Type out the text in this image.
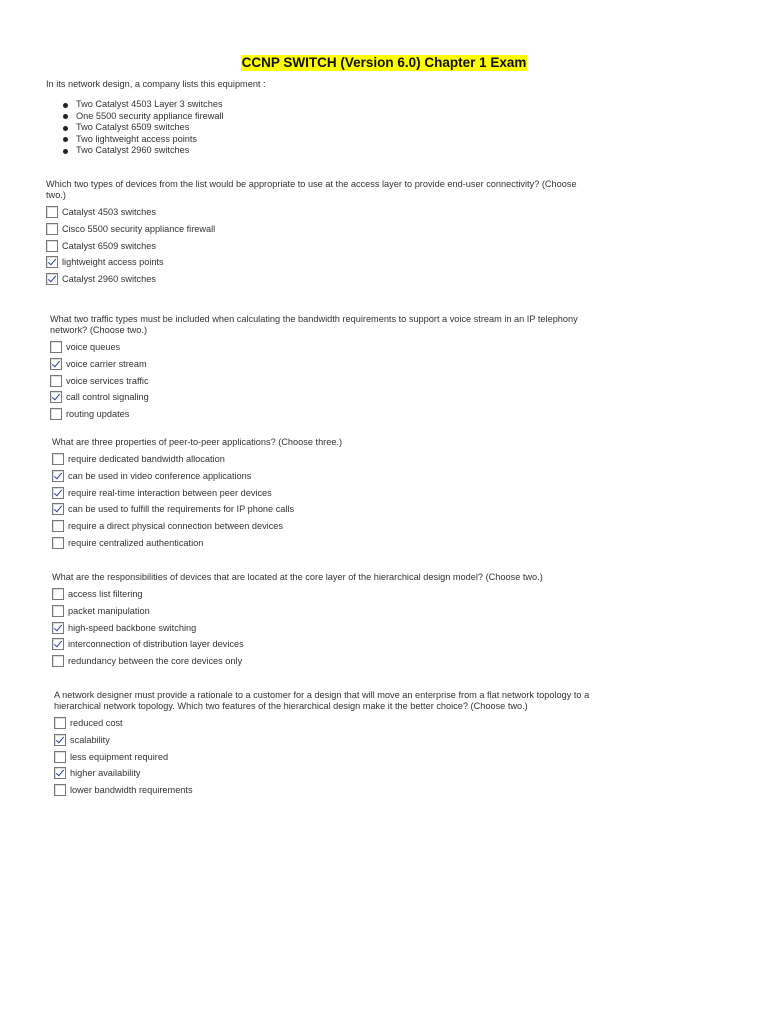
CCNP SWITCH (Version 6.0) Chapter 1 Exam
In its network design, a company lists this equipment :
Two Catalyst 4503 Layer 3 switches
One 5500 security appliance firewall
Two Catalyst 6509 switches
Two lightweight access points
Two Catalyst 2960 switches

Which two types of devices from the list would be appropriate to use at the access layer to provide end-user connectivity? (Choose two.)

Catalyst 4503 switches
Cisco 5500 security appliance firewall
Catalyst 6509 switches
lightweight access points
Catalyst 2960 switches

What two traffic types must be included when calculating the bandwidth requirements to support a voice stream in an IP telephony network? (Choose two.)

voice queues
voice carrier stream
voice services traffic
call control signaling
routing updates

What are three properties of peer-to-peer applications? (Choose three.)

require dedicated bandwidth allocation
can be used in video conference applications
require real-time interaction between peer devices
can be used to fulfill the requirements for IP phone calls
require a direct physical connection between devices
require centralized authentication

What are the responsibilities of devices that are located at the core layer of the hierarchical design model? (Choose two.)

access list filtering
packet manipulation
high-speed backbone switching
interconnection of distribution layer devices
redundancy between the core devices only

A network designer must provide a rationale to a customer for a design that will move an enterprise from a flat network topology to a hierarchical network topology. Which two features of the hierarchical design make it the better choice? (Choose two.)

reduced cost
scalability
less equipment required
higher availability
lower bandwidth requirements
